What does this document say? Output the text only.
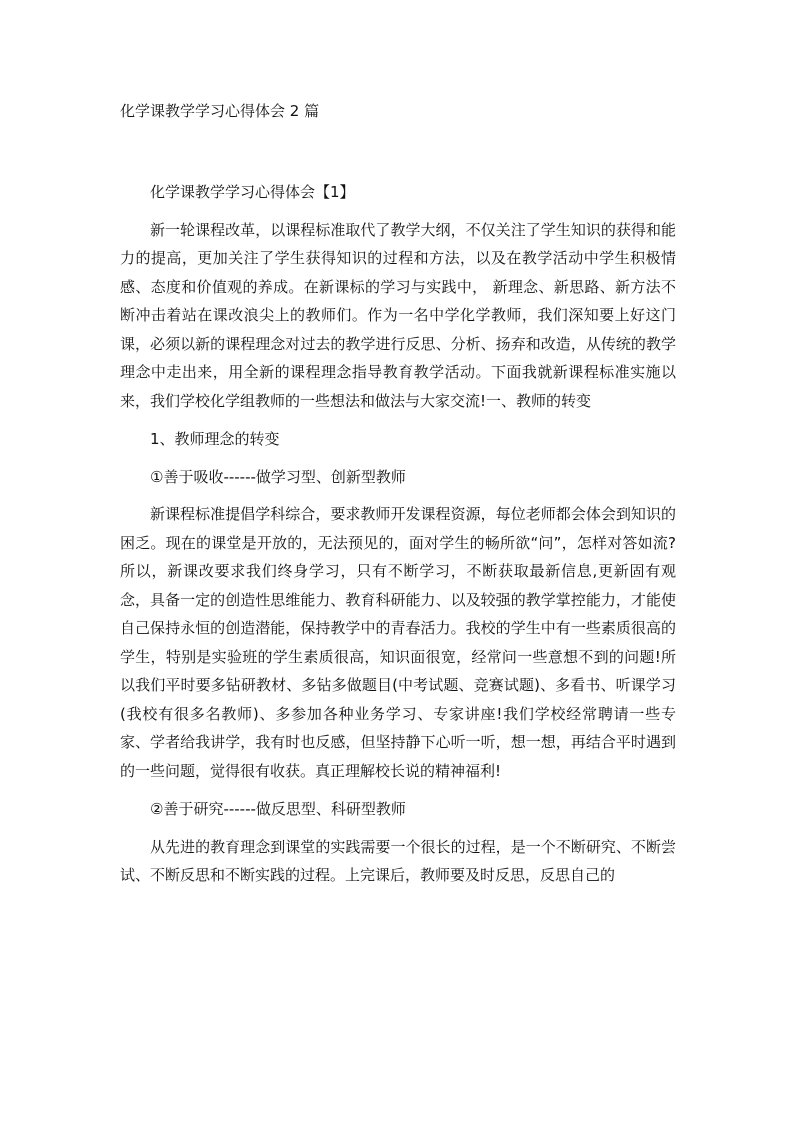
化学课教学学习心得体会 2 篇

化学课教学学习心得体会【1】

新一轮课程改革，以课程标准取代了教学大纲，不仅关注了学生知识的获得和能力的提高，更加关注了学生获得知识的过程和方法，以及在教学活动中学生积极情感、态度和价值观的养成。在新课标的学习与实践中， 新理念、新思路、新方法不断冲击着站在课改浪尖上的教师们。作为一名中学化学教师，我们深知要上好这门课，必须以新的课程理念对过去的教学进行反思、分析、扬弃和改造，从传统的教学理念中走出来，用全新的课程理念指导教育教学活动。下面我就新课程标准实施以来，我们学校化学组教师的一些想法和做法与大家交流!一、教师的转变

1、教师理念的转变

①善于吸收------做学习型、创新型教师

新课程标准提倡学科综合，要求教师开发课程资源，每位老师都会体会到知识的困乏。现在的课堂是开放的，无法预见的，面对学生的畅所欲“问”，怎样对答如流?所以，新课改要求我们终身学习，只有不断学习，不断获取最新信息,更新固有观念，具备一定的创造性思维能力、教育科研能力、以及较强的教学掌控能力，才能使自己保持永恒的创造潜能，保持教学中的青春活力。我校的学生中有一些素质很高的学生，特别是实验班的学生素质很高，知识面很宽，经常问一些意想不到的问题!所以我们平时要多钻研教材、多钻多做题目(中考试题、竞赛试题)、多看书、听课学习(我校有很多名教师)、多参加各种业务学习、专家讲座!我们学校经常聘请一些专家、学者给我讲学，我有时也反感，但坚持静下心听一听，想一想，再结合平时遇到的一些问题，觉得很有收获。真正理解校长说的精神福利!

②善于研究------做反思型、科研型教师

从先进的教育理念到课堂的实践需要一个很长的过程，是一个不断研究、不断尝试、不断反思和不断实践的过程。上完课后，教师要及时反思，反思自己的
